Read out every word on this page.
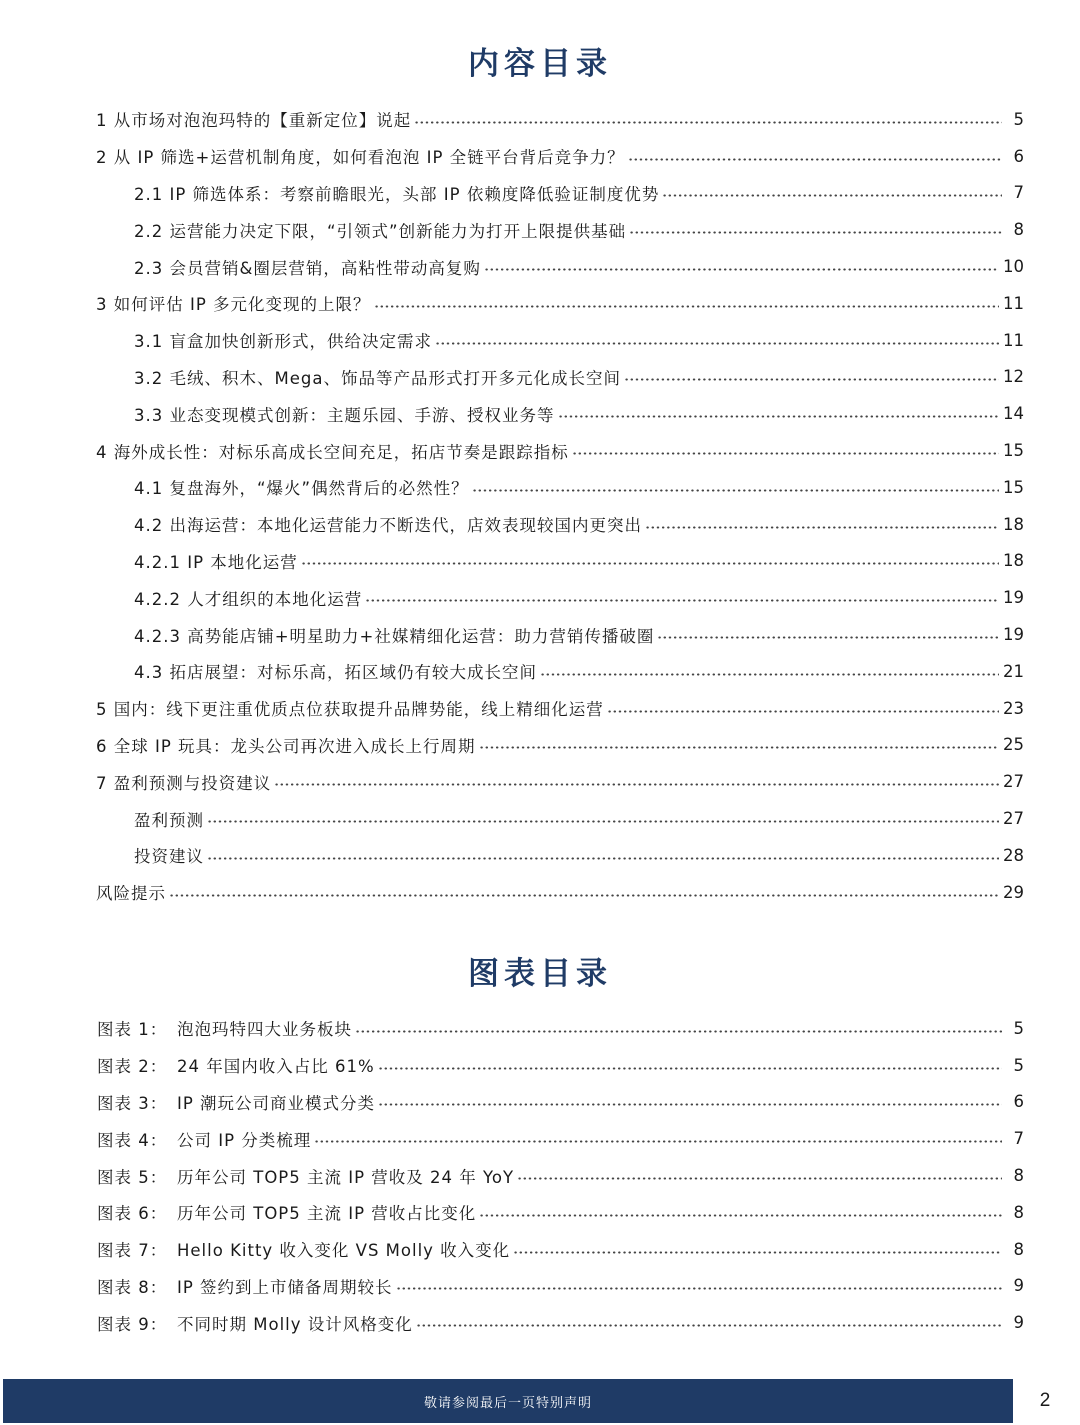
内容目录
1 从市场对泡泡玛特的【重新定位】说起	5
2 从 IP 筛选+运营机制角度，如何看泡泡 IP 全链平台背后竞争力？	6
2.1 IP 筛选体系：考察前瞻眼光，头部 IP 依赖度降低验证制度优势	7
2.2 运营能力决定下限，“引领式”创新能力为打开上限提供基础	8
2.3 会员营销&圈层营销，高粘性带动高复购	10
3 如何评估 IP 多元化变现的上限？	11
3.1 盲盒加快创新形式，供给决定需求	11
3.2 毛绒、积木、Mega、饰品等产品形式打开多元化成长空间	12
3.3 业态变现模式创新：主题乐园、手游、授权业务等	14
4 海外成长性：对标乐高成长空间充足，拓店节奏是跟踪指标	15
4.1 复盘海外，“爆火”偶然背后的必然性？	15
4.2 出海运营：本地化运营能力不断迭代，店效表现较国内更突出	18
4.2.1 IP 本地化运营	18
4.2.2 人才组织的本地化运营	19
4.2.3 高势能店铺+明星助力+社媒精细化运营：助力营销传播破圈	19
4.3 拓店展望：对标乐高，拓区域仍有较大成长空间	21
5 国内：线下更注重优质点位获取提升品牌势能，线上精细化运营	23
6 全球 IP 玩具：龙头公司再次进入成长上行周期	25
7 盈利预测与投资建议	27
盈利预测	27
投资建议	28
风险提示	29
图表目录
图表 1： 泡泡玛特四大业务板块	5
图表 2： 24 年国内收入占比 61%	5
图表 3： IP 潮玩公司商业模式分类	6
图表 4： 公司 IP 分类梳理	7
图表 5： 历年公司 TOP5 主流 IP 营收及 24 年 YoY	8
图表 6： 历年公司 TOP5 主流 IP 营收占比变化	8
图表 7： Hello Kitty 收入变化 VS Molly 收入变化	8
图表 8： IP 签约到上市储备周期较长	9
图表 9： 不同时期 Molly 设计风格变化	9
敬请参阅最后一页特别声明	2
